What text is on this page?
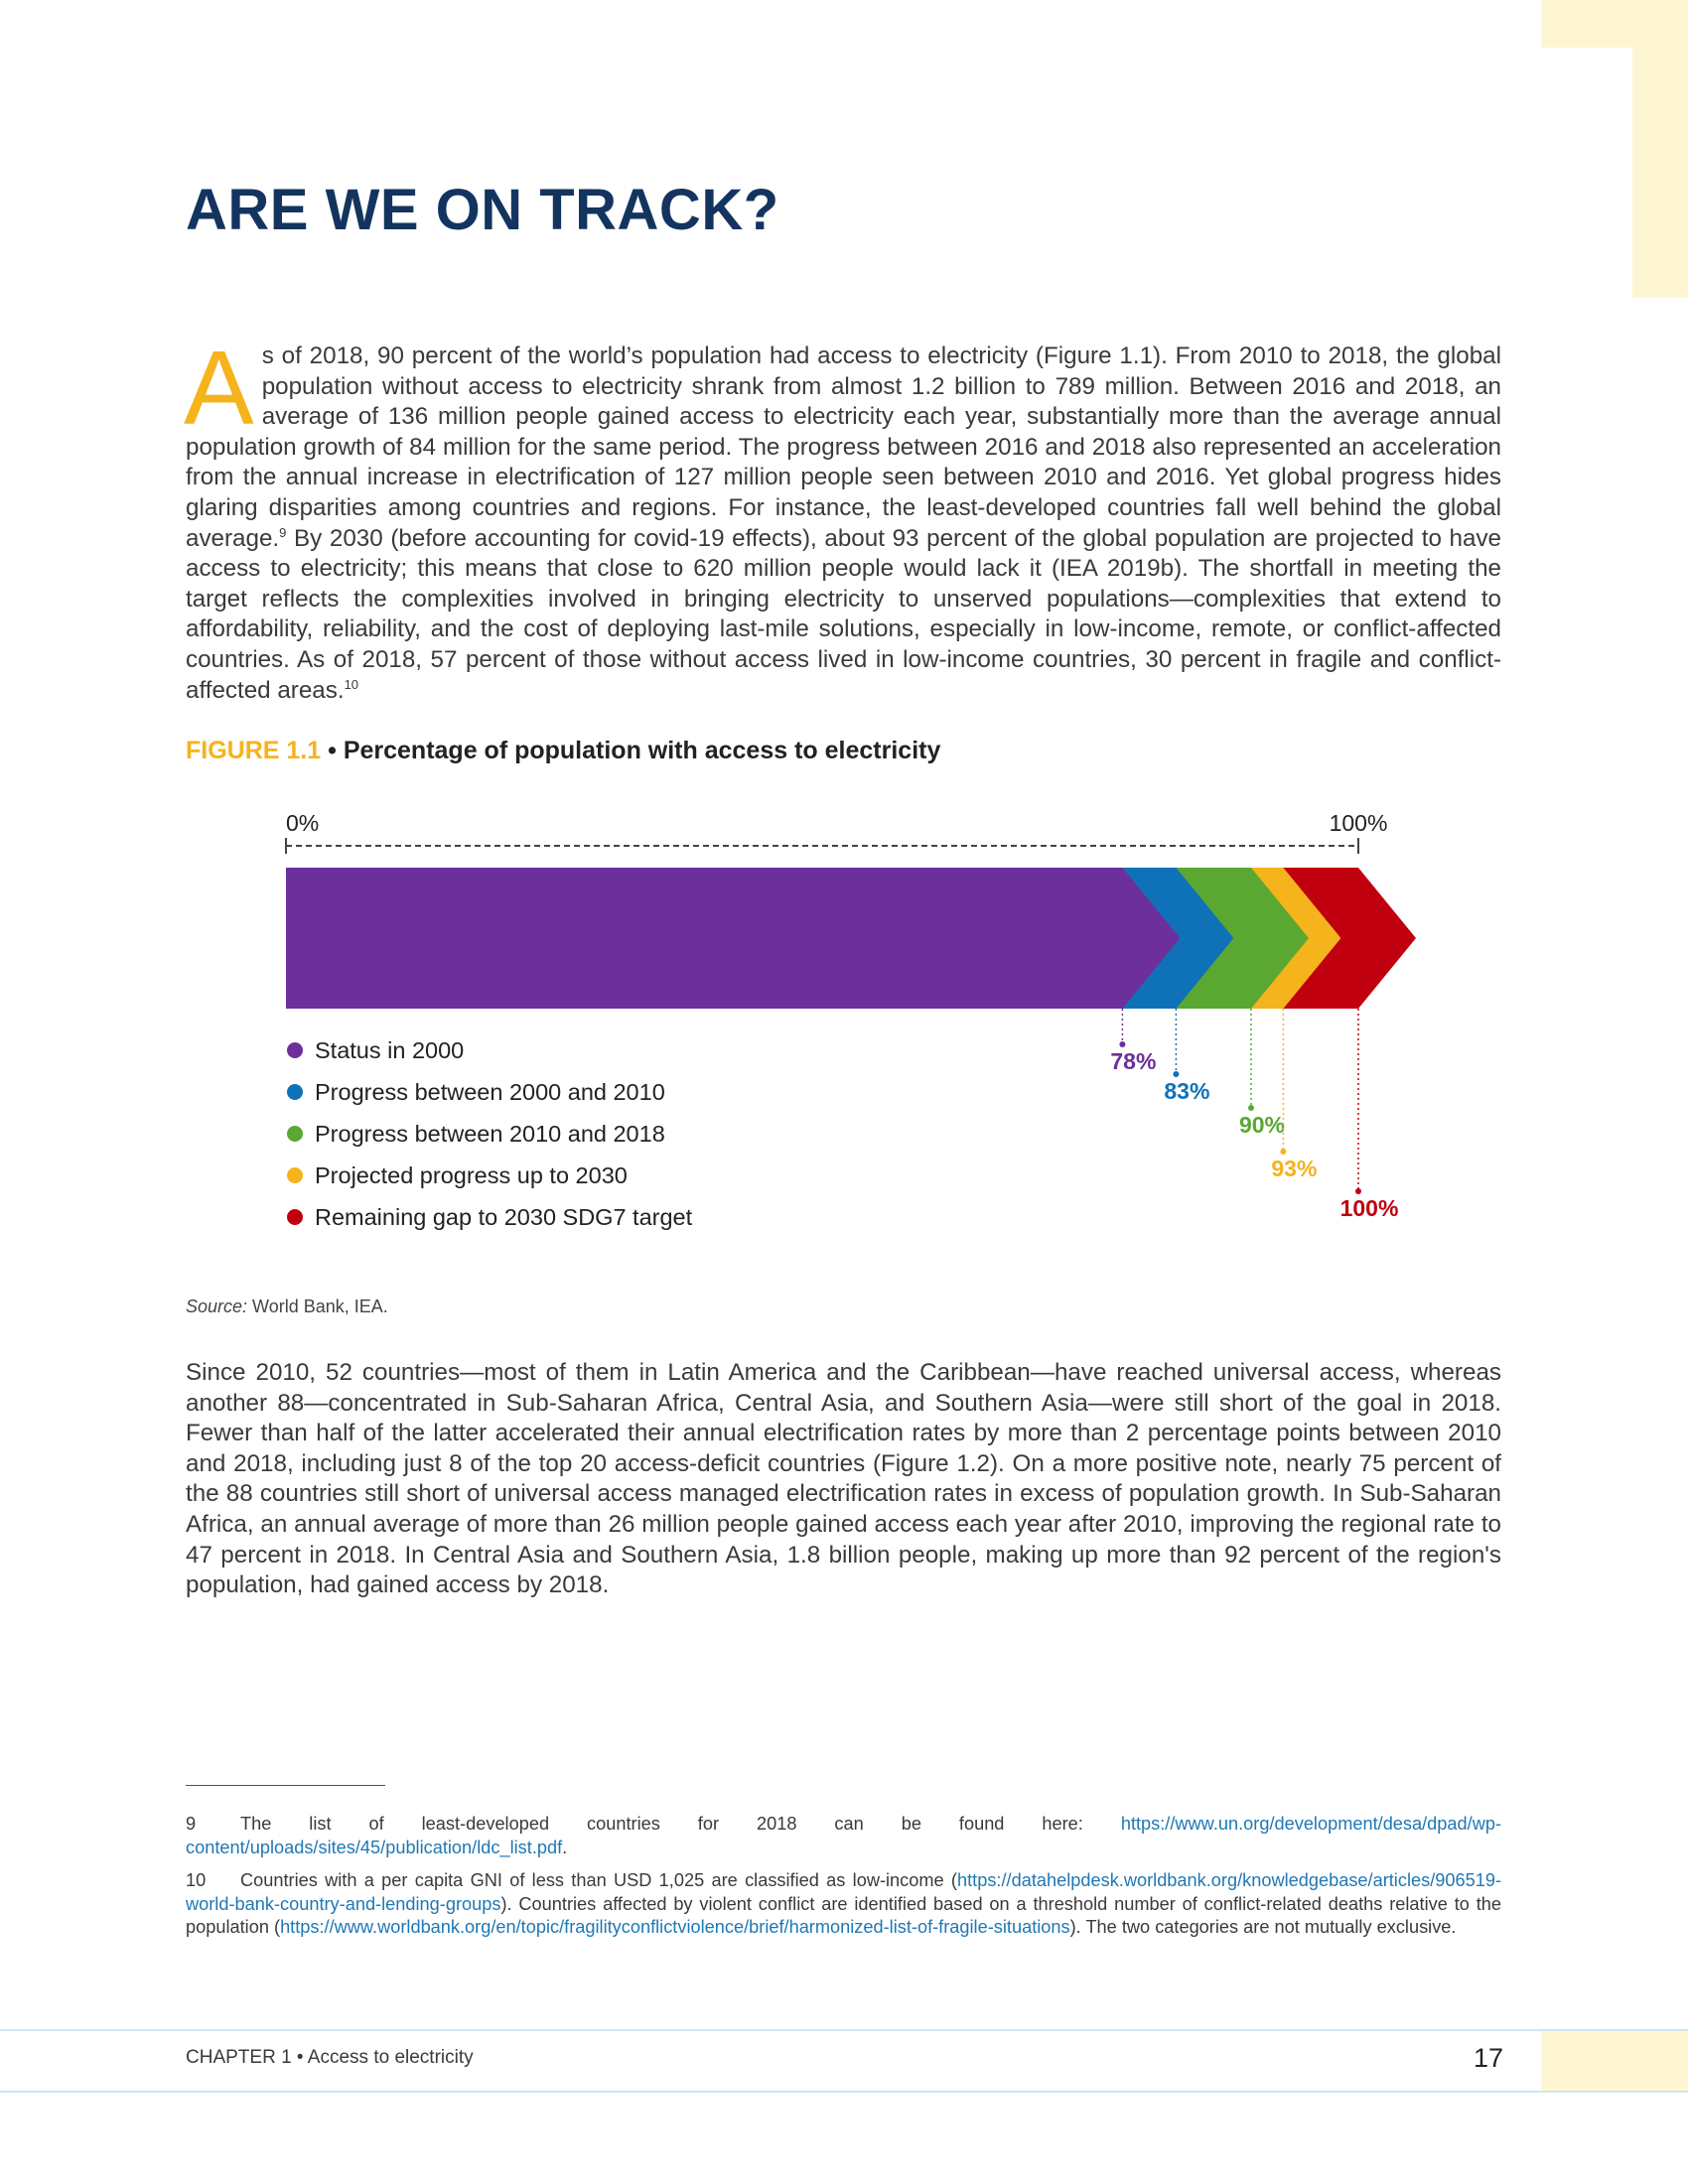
ARE WE ON TRACK?

As of 2018, 90 percent of the world’s population had access to electricity (Figure 1.1). From 2010 to 2018, the global population without access to electricity shrank from almost 1.2 billion to 789 million. Between 2016 and 2018, an average of 136 million people gained access to electricity each year, substantially more than the average annual population growth of 84 million for the same period. The progress between 2016 and 2018 also represented an acceleration from the annual increase in electrification of 127 million people seen between 2010 and 2016. Yet global progress hides glaring disparities among countries and regions. For instance, the least-developed countries fall well behind the global average.$^9$ By 2030 (before accounting for covid-19 effects), about 93 percent of the global population are projected to have access to electricity; this means that close to 620 million people would lack it (IEA 2019b). The shortfall in meeting the target reflects the complexities involved in bringing electricity to unserved populations—complexities that extend to affordability, reliability, and the cost of deploying last-mile solutions, especially in low-income, remote, or conflict-affected countries. As of 2018, 57 percent of those without access lived in low-income countries, 30 percent in fragile and conflict-affected areas.$^{10}$

FIGURE 1.1 • Percentage of population with access to electricity
0%	100%
Status in 2000	78%
Progress between 2000 and 2010	83%
Progress between 2010 and 2018	90%
Projected progress up to 2030	93%
Remaining gap to 2030 SDG7 target	100%
Source: World Bank, IEA.

Since 2010, 52 countries—most of them in Latin America and the Caribbean—have reached universal access, whereas another 88—concentrated in Sub-Saharan Africa, Central Asia, and Southern Asia—were still short of the goal in 2018. Fewer than half of the latter accelerated their annual electrification rates by more than 2 percentage points between 2010 and 2018, including just 8 of the top 20 access-deficit countries (Figure 1.2). On a more positive note, nearly 75 percent of the 88 countries still short of universal access managed electrification rates in excess of population growth. In Sub-Saharan Africa, an annual average of more than 26 million people gained access each year after 2010, improving the regional rate to 47 percent in 2018. In Central Asia and Southern Asia, 1.8 billion people, making up more than 92 percent of the region's population, had gained access by 2018.

9 The list of least-developed countries for 2018 can be found here: https://www.un.org/development/desa/dpad/wp-content/uploads/sites/45/publication/ldc_list.pdf.

10 Countries with a per capita GNI of less than USD 1,025 are classified as low-income (https://datahelpdesk.worldbank.org/knowledgebase/articles/906519-world-bank-country-and-lending-groups). Countries affected by violent conflict are identified based on a threshold number of conflict-related deaths relative to the population (https://www.worldbank.org/en/topic/fragilityconflictviolence/brief/harmonized-list-of-fragile-situations). The two categories are not mutually exclusive.

CHAPTER 1 • Access to electricity	17
